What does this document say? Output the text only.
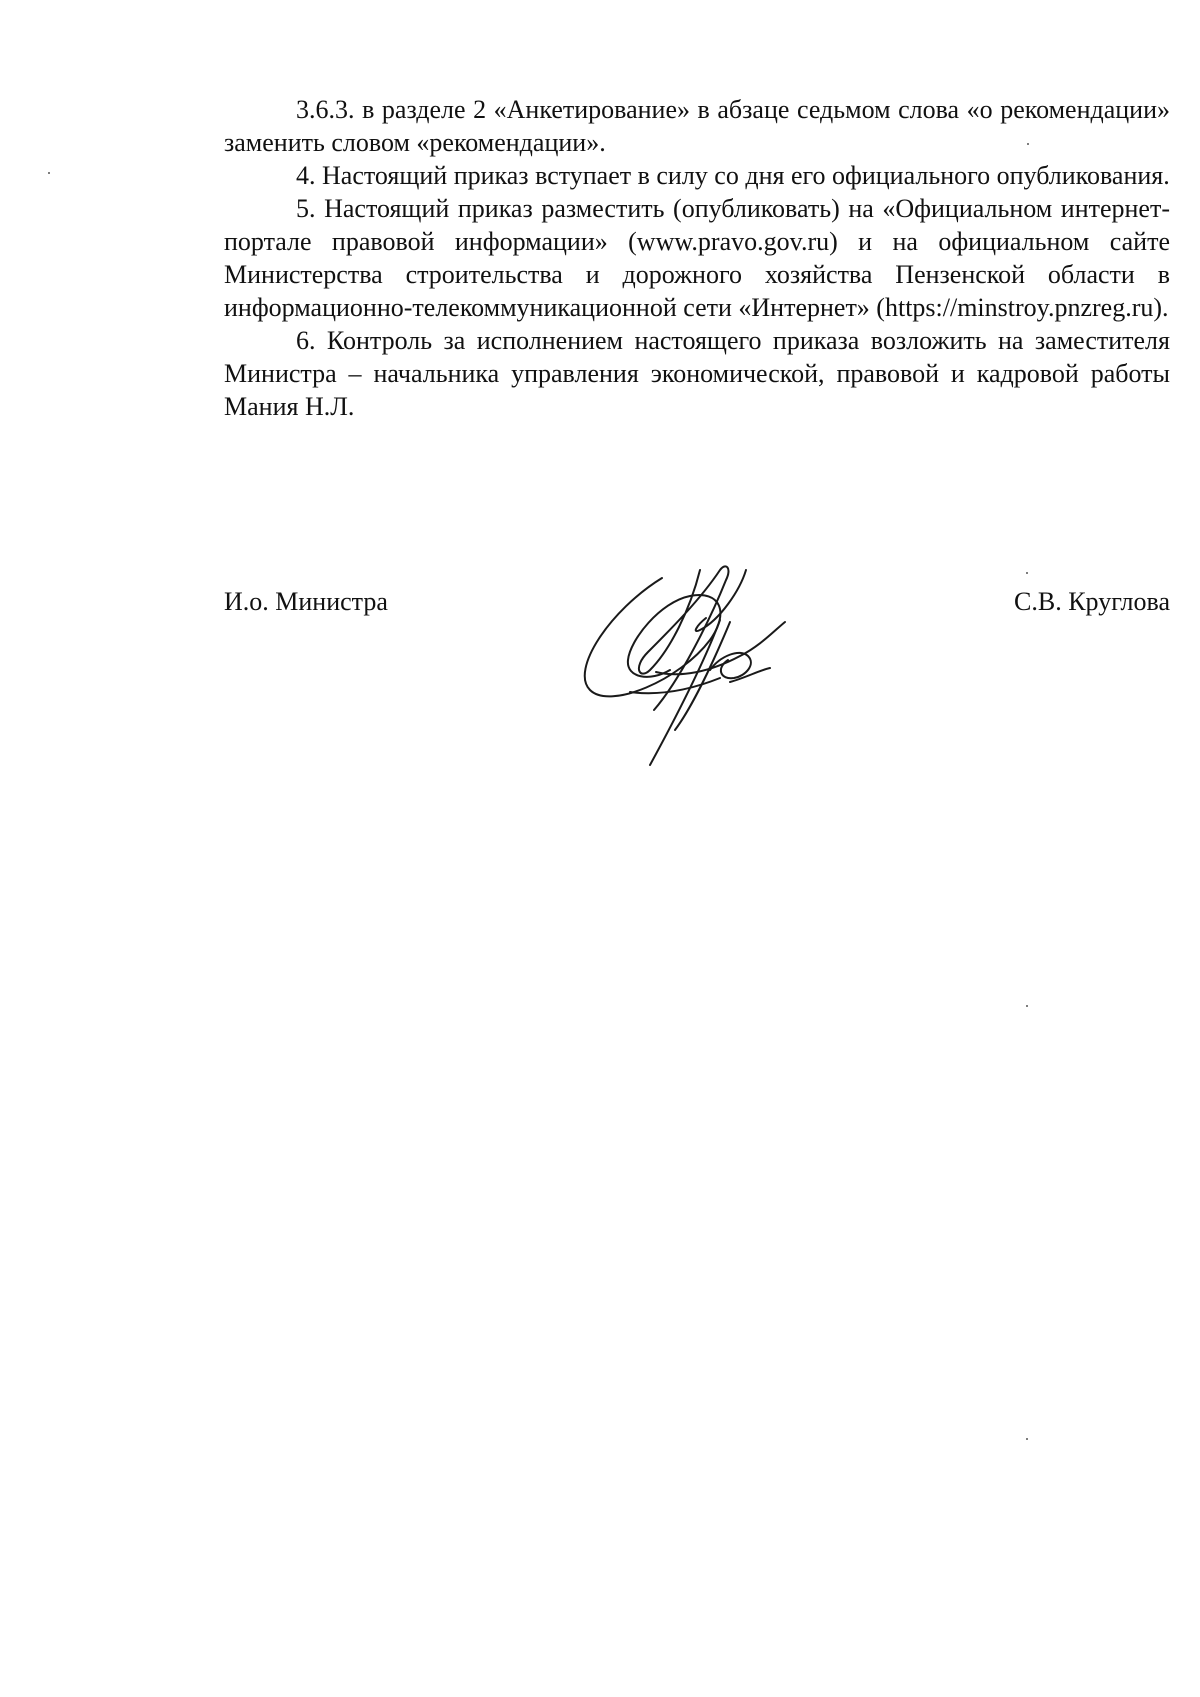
3.6.3. в разделе 2 «Анкетирование» в абзаце седьмом слова «о рекомендации» заменить словом «рекомендации».

4. Настоящий приказ вступает в силу со дня его официального опубликования.

5. Настоящий приказ разместить (опубликовать) на «Официальном интернет-портале правовой информации» (www.pravo.gov.ru) и на официальном сайте Министерства строительства и дорожного хозяйства Пензенской области в информационно-телекоммуникационной сети «Интернет» (https://minstroy.pnzreg.ru).

6. Контроль за исполнением настоящего приказа возложить на заместителя Министра – начальника управления экономической, правовой и кадровой работы Мания Н.Л.

И.о. Министра	С.В. Круглова
